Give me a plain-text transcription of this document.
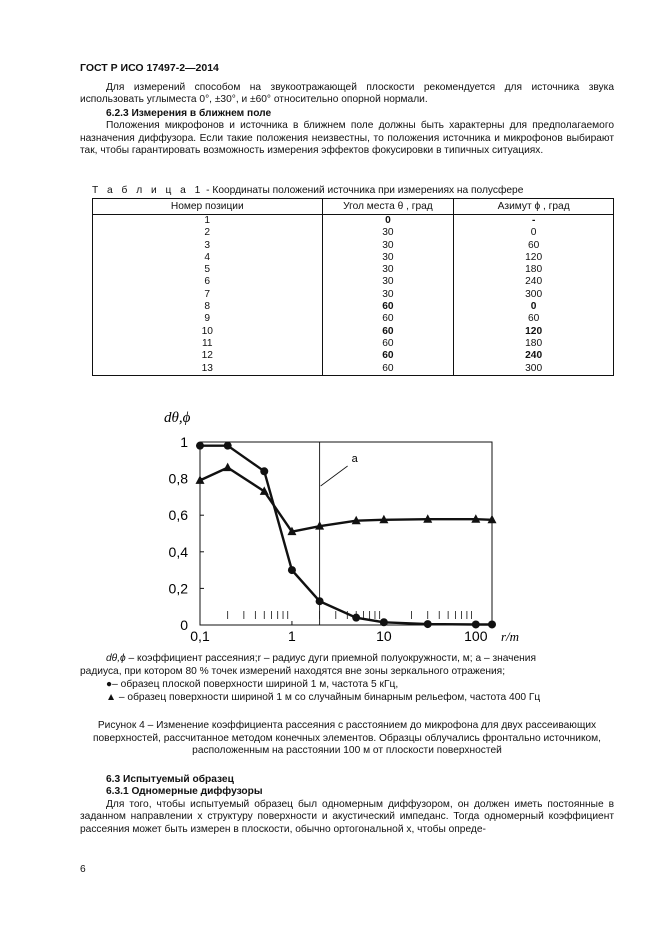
ГОСТ Р ИСО 17497-2—2014

Для измерений способом на звукоотражающей плоскости рекомендуется для источника звука использовать углыместа 0°, ±30°, и ±60° относительно опорной нормали.

6.2.3 Измерения в ближнем поле

Положения микрофонов и источника в ближнем поле должны быть характерны для предполагаемого назначения диффузора. Если такие положения неизвестны, то положения источника и микрофонов выбирают так, чтобы гарантировать возможность измерения эффектов фокусировки в типичных ситуациях.

Т а б л и ц а 1 - Координаты положений источника при измерениях на полусфере
Номер позиции	Угол места θ , град	Азимут ϕ , град
1	0	-
2	30	0
3	30	60
4	30	120
5	30	180
6	30	240
7	30	300
8	60	0
9	60	60
10	60	120
11	60	180
12	60	240
13	60	300
0
0,2
0,4
0,6
0,8
1
0,1	1	10	100 r/m
dθ,ϕ
a
dθ,ϕ – коэффициент рассеяния;r – радиус дуги приемной полуокружности, м; a – значения
радиуса, при котором 80 % точек измерений находятся вне зоны зеркального отражения;
●– образец плоской поверхности шириной 1 м, частота 5 кГц,
▲ – образец поверхности шириной 1 м со случайным бинарным рельефом, частота 400 Гц
Рисунок 4 – Изменение коэффициента рассеяния с расстоянием до микрофона для двух рассеивающих поверхностей, рассчитанное методом конечных элементов. Образцы облучались фронтально источником, расположенным на расстоянии 100 м от плоскости поверхностей

6.3 Испытуемый образец

6.3.1 Одномерные диффузоры

Для того, чтобы испытуемый образец был одномерным диффузором, он должен иметь постоянные в заданном направлении x структуру поверхности и акустический импеданс. Тогда одномерный коэффициент рассеяния может быть измерен в плоскости, обычно ортогональной x, чтобы опреде-

6
